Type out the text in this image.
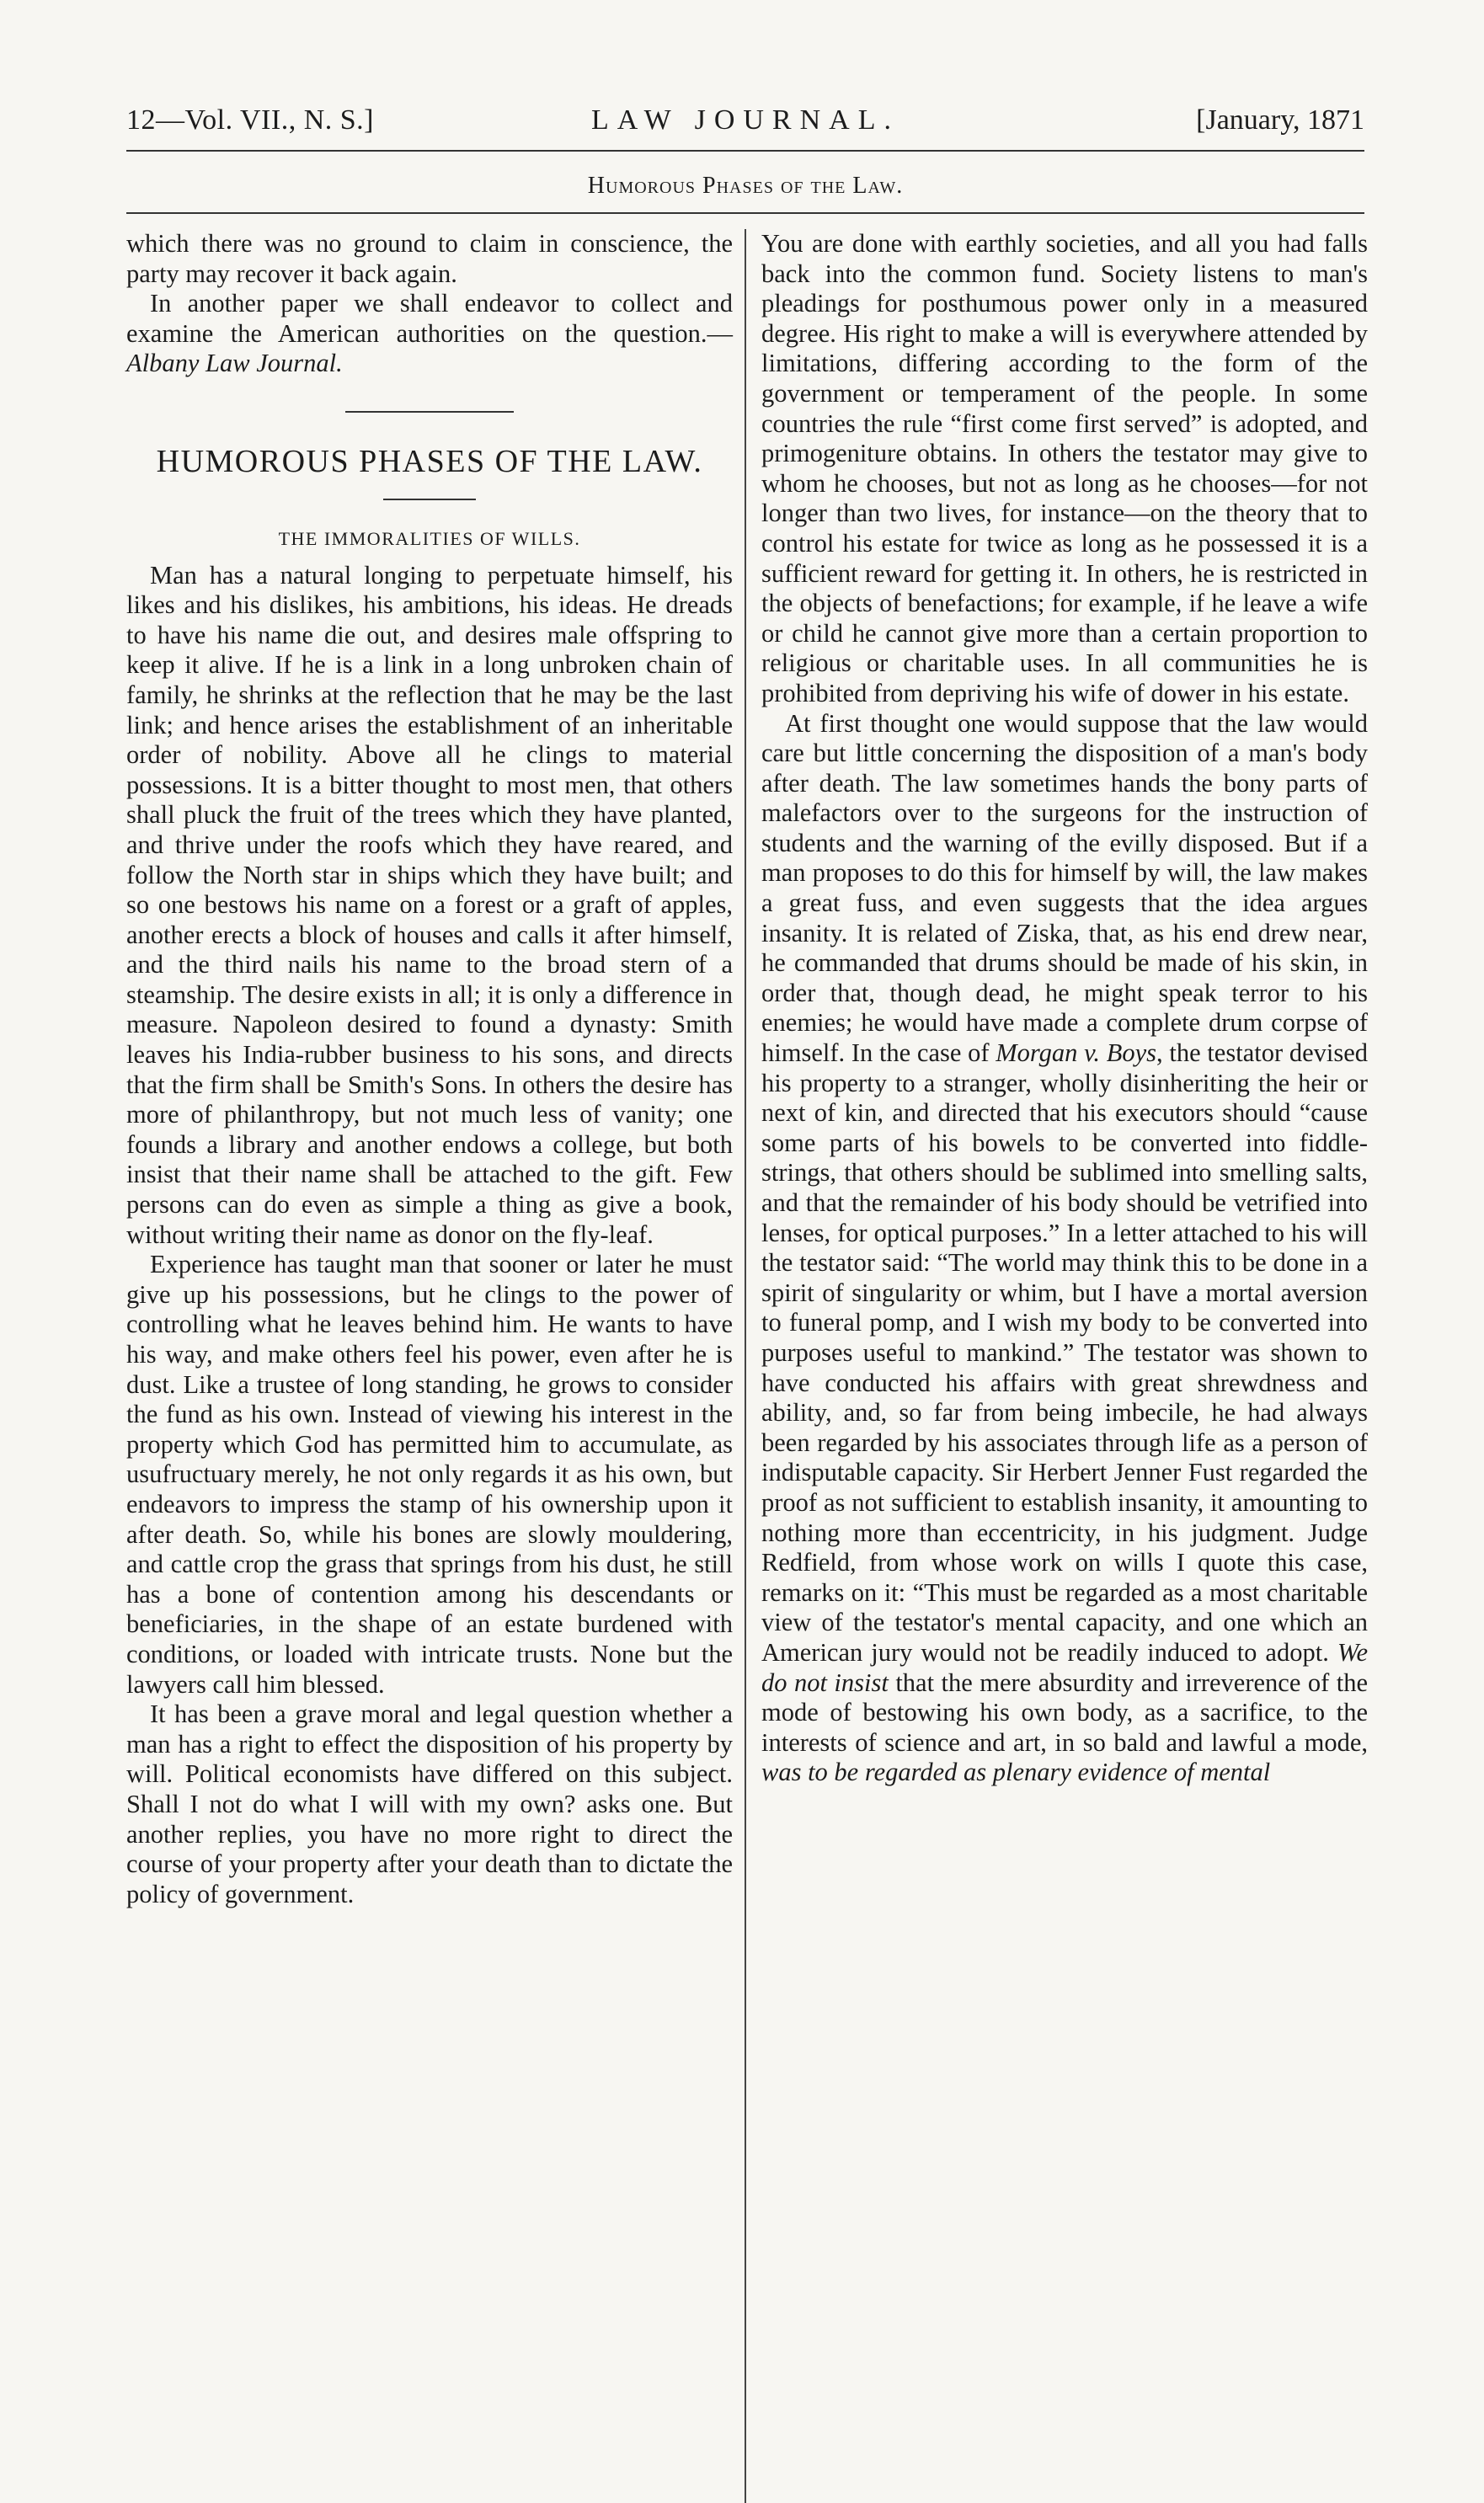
12—Vol. VII., N. S.]	LAW JOURNAL.	[January, 1871
Humorous Phases of the Law.

which there was no ground to claim in conscience, the party may recover it back again.

In another paper we shall endeavor to collect and examine the American authorities on the question.—Albany Law Journal.

HUMOROUS PHASES OF THE LAW.
THE IMMORALITIES OF WILLS.

Man has a natural longing to perpetuate himself, his likes and his dislikes, his ambitions, his ideas. He dreads to have his name die out, and desires male offspring to keep it alive. If he is a link in a long unbroken chain of family, he shrinks at the reflection that he may be the last link; and hence arises the establishment of an inheritable order of nobility. Above all he clings to material possessions. It is a bitter thought to most men, that others shall pluck the fruit of the trees which they have planted, and thrive under the roofs which they have reared, and follow the North star in ships which they have built; and so one bestows his name on a forest or a graft of apples, another erects a block of houses and calls it after himself, and the third nails his name to the broad stern of a steamship. The desire exists in all; it is only a difference in measure. Napoleon desired to found a dynasty: Smith leaves his India-rubber business to his sons, and directs that the firm shall be Smith's Sons. In others the desire has more of philanthropy, but not much less of vanity; one founds a library and another endows a college, but both insist that their name shall be attached to the gift. Few persons can do even as simple a thing as give a book, without writing their name as donor on the fly-leaf.

Experience has taught man that sooner or later he must give up his possessions, but he clings to the power of controlling what he leaves behind him. He wants to have his way, and make others feel his power, even after he is dust. Like a trustee of long standing, he grows to consider the fund as his own. Instead of viewing his interest in the property which God has permitted him to accumulate, as usufructuary merely, he not only regards it as his own, but endeavors to impress the stamp of his ownership upon it after death. So, while his bones are slowly mouldering, and cattle crop the grass that springs from his dust, he still has a bone of contention among his descendants or beneficiaries, in the shape of an estate burdened with conditions, or loaded with intricate trusts. None but the lawyers call him blessed.

It has been a grave moral and legal question whether a man has a right to effect the disposition of his property by will. Political economists have differed on this subject. Shall I not do what I will with my own? asks one. But another replies, you have no more right to direct the course of your property after your death than to dictate the policy of government.

You are done with earthly societies, and all you had falls back into the common fund. Society listens to man's pleadings for posthumous power only in a measured degree. His right to make a will is everywhere attended by limitations, differing according to the form of the government or temperament of the people. In some countries the rule “first come first served” is adopted, and primogeniture obtains. In others the testator may give to whom he chooses, but not as long as he chooses—for not longer than two lives, for instance—on the theory that to control his estate for twice as long as he possessed it is a sufficient reward for getting it. In others, he is restricted in the objects of benefactions; for example, if he leave a wife or child he cannot give more than a certain proportion to religious or charitable uses. In all communities he is prohibited from depriving his wife of dower in his estate.

At first thought one would suppose that the law would care but little concerning the disposition of a man's body after death. The law sometimes hands the bony parts of malefactors over to the surgeons for the instruction of students and the warning of the evilly disposed. But if a man proposes to do this for himself by will, the law makes a great fuss, and even suggests that the idea argues insanity. It is related of Ziska, that, as his end drew near, he commanded that drums should be made of his skin, in order that, though dead, he might speak terror to his enemies; he would have made a complete drum corpse of himself. In the case of Morgan v. Boys, the testator devised his property to a stranger, wholly disinheriting the heir or next of kin, and directed that his executors should “cause some parts of his bowels to be converted into fiddle-strings, that others should be sublimed into smelling salts, and that the remainder of his body should be vetrified into lenses, for optical purposes.” In a letter attached to his will the testator said: “The world may think this to be done in a spirit of singularity or whim, but I have a mortal aversion to funeral pomp, and I wish my body to be converted into purposes useful to mankind.” The testator was shown to have conducted his affairs with great shrewdness and ability, and, so far from being imbecile, he had always been regarded by his associates through life as a person of indisputable capacity. Sir Herbert Jenner Fust regarded the proof as not sufficient to establish insanity, it amounting to nothing more than eccentricity, in his judgment. Judge Redfield, from whose work on wills I quote this case, remarks on it: “This must be regarded as a most charitable view of the testator's mental capacity, and one which an American jury would not be readily induced to adopt. We do not insist that the mere absurdity and irreverence of the mode of bestowing his own body, as a sacrifice, to the interests of science and art, in so bald and lawful a mode, was to be regarded as plenary evidence of mental
